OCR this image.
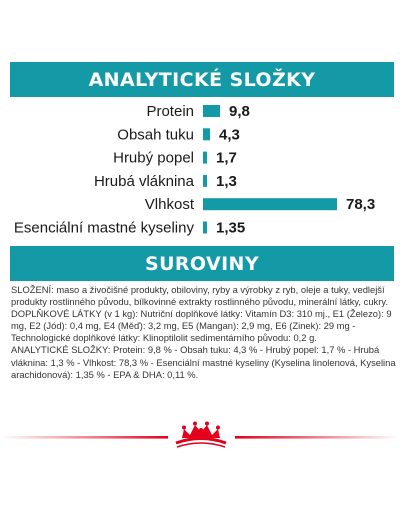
ANALYTICKÉ SLOŽKY
Protein 9,8
Obsah tuku 4,3
Hrubý popel 1,7
Hrubá vláknina 1,3
Vlhkost	78,3
Esenciální mastné kyseliny 1,35
SUROVINY

SLOŽENÍ: maso a živočišné produkty, obiloviny, ryby a výrobky z ryb, oleje a tuky, vedlejší produkty rostlinného původu, bílkovinné extrakty rostlinného původu, minerální látky, cukry.

DOPLŇKOVÉ LÁTKY (v 1 kg): Nutriční doplňkové látky: Vitamín D3: 310 mj., E1 (Železo): 9 mg, E2 (Jód): 0,4 mg, E4 (Měď): 3,2 mg, E5 (Mangan): 2,9 mg, E6 (Zinek): 29 mg - Technologické doplňkové látky: Klinoptilolit sedimentárního původu: 0,2 g.

ANALYTICKÉ SLOŽKY: Protein: 9,8 % - Obsah tuku: 4,3 % - Hrubý popel: 1,7 % - Hrubá vláknina: 1,3 % - Vlhkost: 78,3 % - Esenciální mastné kyseliny (Kyselina linolenová, Kyselina arachidonová): 1,35 % - EPA & DHA: 0,11 %.
